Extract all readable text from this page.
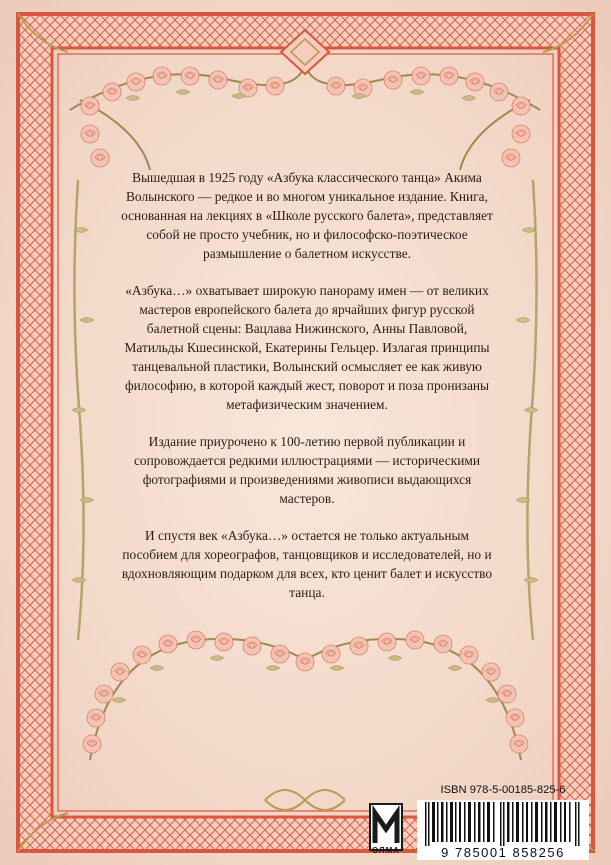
Вышедшая в 1925 году «Азбука классического танца» Акима Волынского — редкое и во многом уникальное издание. Книга, основанная на лекциях в «Школе русского балета», представляет собой не просто учебник, но и философско-поэтическое размышление о балетном искусстве.

«Азбука…» охватывает широкую панораму имен — от великих мастеров европейского балета до ярчайших фигур русской балетной сцены: Вацлава Нижинского, Анны Павловой, Матильды Кшесинской, Екатерины Гельцер. Излагая принципы танцевальной пластики, Волынский осмысляет ее как живую философию, в которой каждый жест, поворот и поза пронизаны метафизическим значением.

Издание приурочено к 100-летию первой публикации и сопровождается редкими иллюстрациями — историческими фотографиями и произведениями живописи выдающихся мастеров.

И спустя век «Азбука…» остается не только актуальным пособием для хореографов, танцовщиков и исследователей, но и вдохновляющим подарком для всех, кто ценит балет и искусство танца.

ОЛМА
ISBN 978-5-00185-825-6
9 785001 858256
